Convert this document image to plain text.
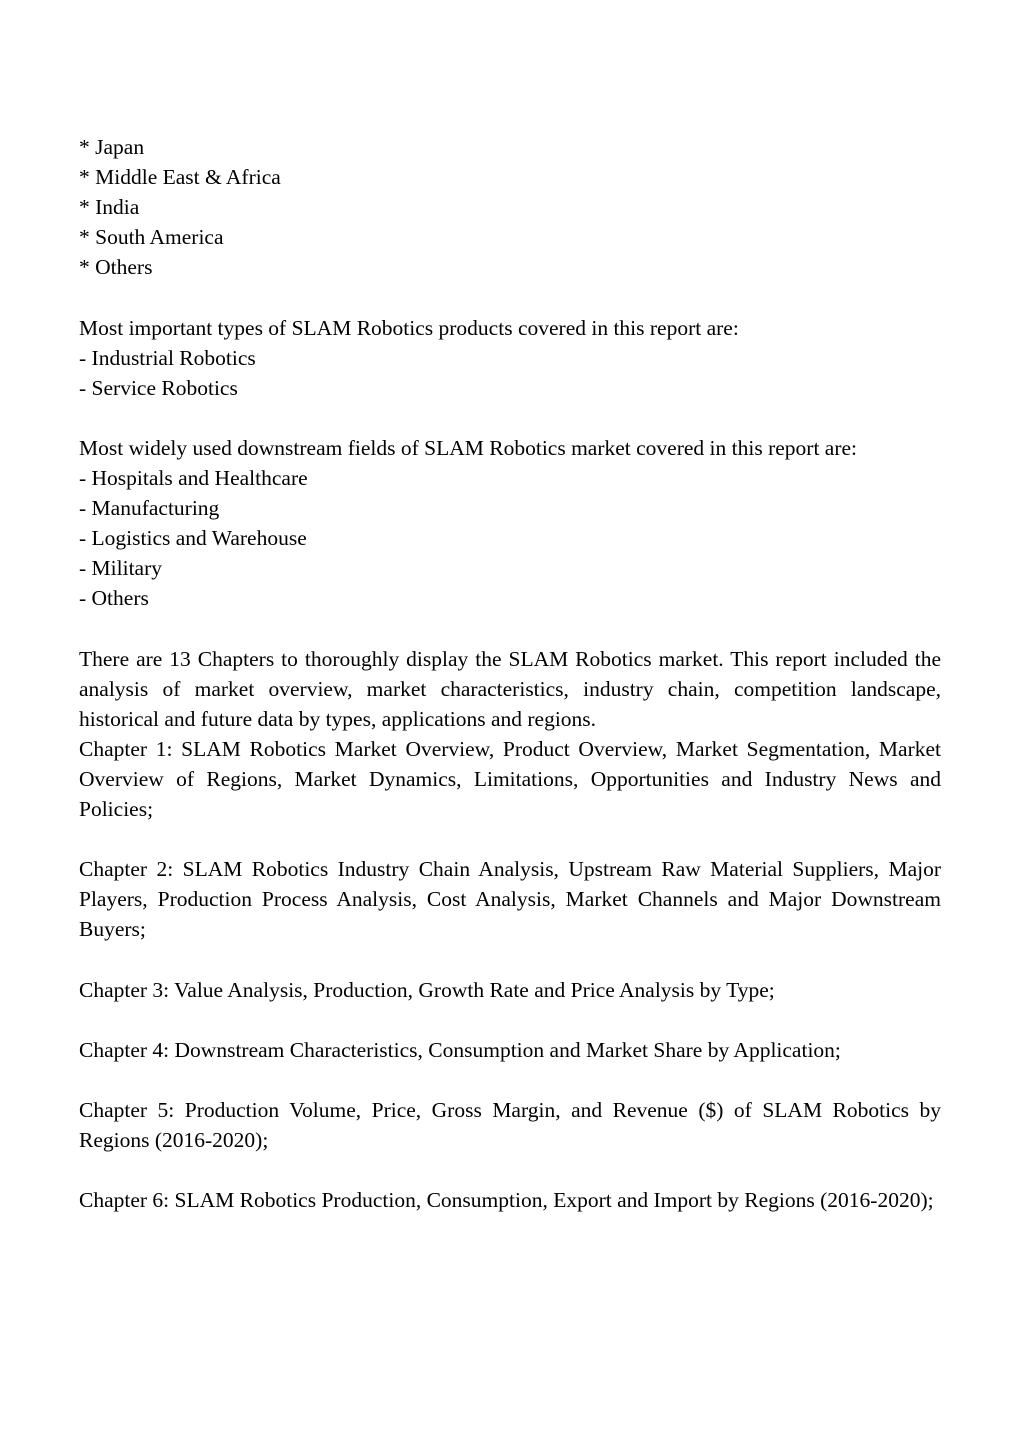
* Japan
* Middle East & Africa
* India
* South America
* Others
Most important types of SLAM Robotics products covered in this report are:
- Industrial Robotics
- Service Robotics
Most widely used downstream fields of SLAM Robotics market covered in this report are:
- Hospitals and Healthcare
- Manufacturing
- Logistics and Warehouse
- Military
- Others
There are 13 Chapters to thoroughly display the SLAM Robotics market. This report included the analysis of market overview, market characteristics, industry chain, competition landscape, historical and future data by types, applications and regions.
Chapter 1: SLAM Robotics Market Overview, Product Overview, Market Segmentation, Market Overview of Regions, Market Dynamics, Limitations, Opportunities and Industry News and Policies;
Chapter 2: SLAM Robotics Industry Chain Analysis, Upstream Raw Material Suppliers, Major Players, Production Process Analysis, Cost Analysis, Market Channels and Major Downstream Buyers;
Chapter 3: Value Analysis, Production, Growth Rate and Price Analysis by Type;
Chapter 4: Downstream Characteristics, Consumption and Market Share by Application;
Chapter 5: Production Volume, Price, Gross Margin, and Revenue ($) of SLAM Robotics by Regions (2016-2020);
Chapter 6: SLAM Robotics Production, Consumption, Export and Import by Regions (2016-2020);
